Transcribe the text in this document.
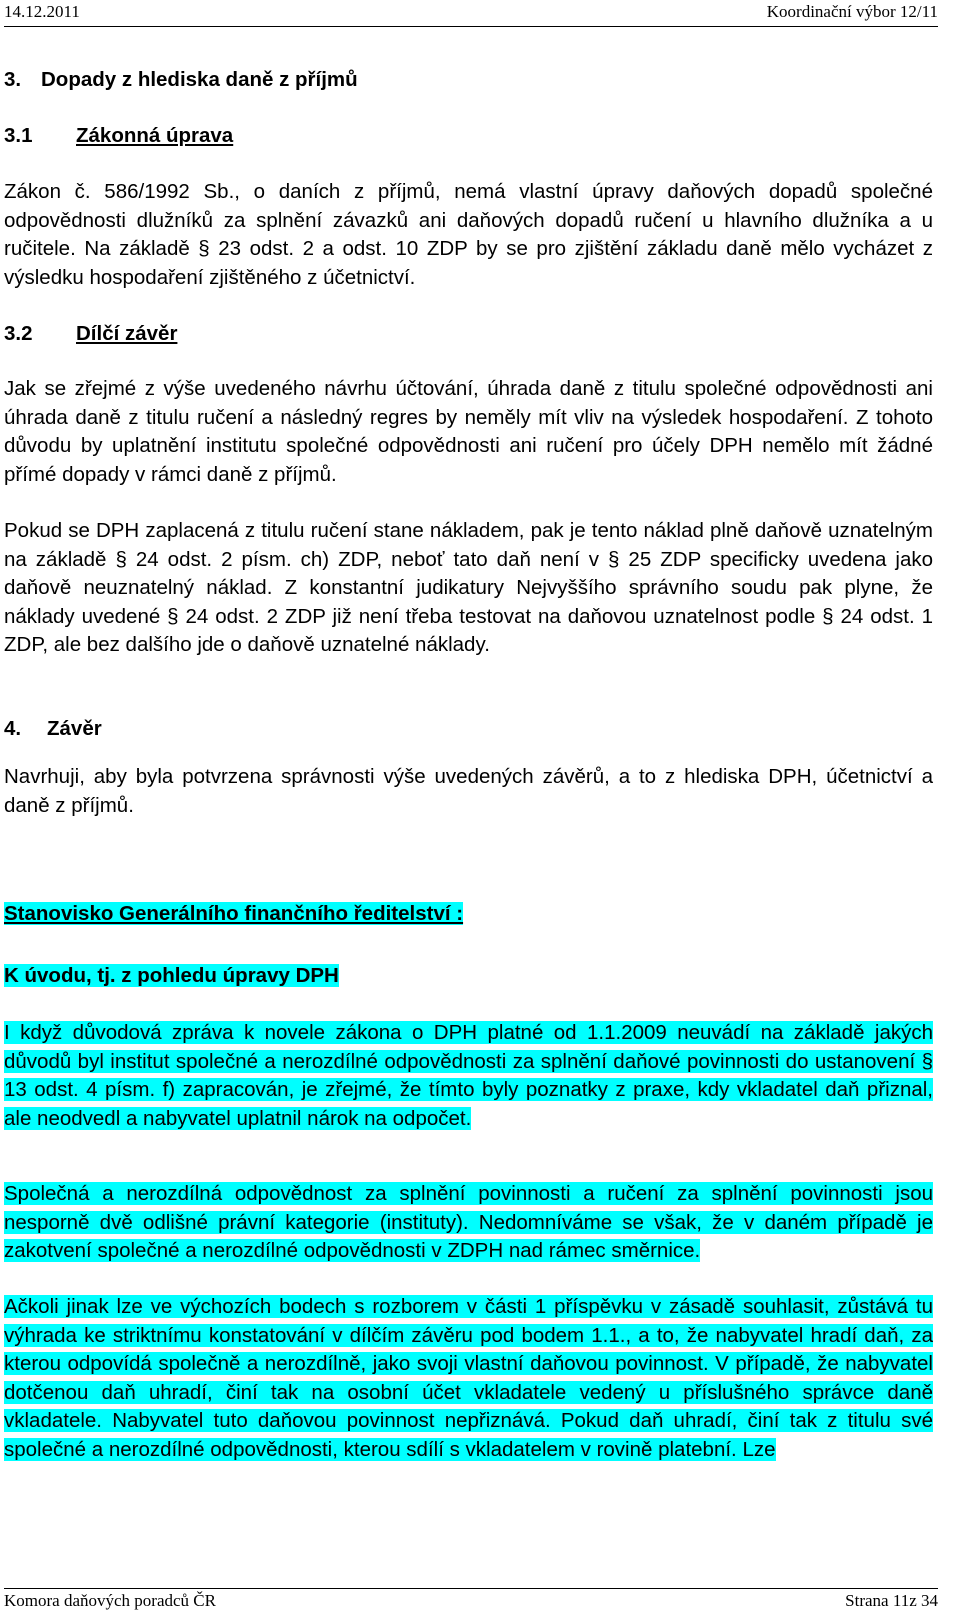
14.12.2011	Koordinační výbor 12/11
3. Dopady z hlediska daně z příjmů
3.1 Zákonná úprava

Zákon č. 586/1992 Sb., o daních z příjmů, nemá vlastní úpravy daňových dopadů společné odpovědnosti dlužníků za splnění závazků ani daňových dopadů ručení u hlavního dlužníka a u ručitele. Na základě § 23 odst. 2 a odst. 10 ZDP by se pro zjištění základu daně mělo vycházet z výsledku hospodaření zjištěného z účetnictví.

3.2 Dílčí závěr

Jak se zřejmé z výše uvedeného návrhu účtování, úhrada daně z titulu společné odpovědnosti ani úhrada daně z titulu ručení a následný regres by neměly mít vliv na výsledek hospodaření. Z tohoto důvodu by uplatnění institutu společné odpovědnosti ani ručení pro účely DPH nemělo mít žádné přímé dopady v rámci daně z příjmů.

Pokud se DPH zaplacená z titulu ručení stane nákladem, pak je tento náklad plně daňově uznatelným na základě § 24 odst. 2 písm. ch) ZDP, neboť tato daň není v § 25 ZDP specificky uvedena jako daňově neuznatelný náklad. Z konstantní judikatury Nejvyššího správního soudu pak plyne, že náklady uvedené § 24 odst. 2 ZDP již není třeba testovat na daňovou uznatelnost podle § 24 odst. 1 ZDP, ale bez dalšího jde o daňově uznatelné náklady.

4. Závěr

Navrhuji, aby byla potvrzena správnosti výše uvedených závěrů, a to z hlediska DPH, účetnictví a daně z příjmů.

Stanovisko Generálního finančního ředitelství :
K úvodu, tj. z pohledu úpravy DPH

I když důvodová zpráva k novele zákona o DPH platné od 1.1.2009 neuvádí na základě jakých důvodů byl institut společné a nerozdílné odpovědnosti za splnění daňové povinnosti do ustanovení § 13 odst. 4 písm. f) zapracován, je zřejmé, že tímto byly poznatky z praxe, kdy vkladatel daň přiznal, ale neodvedl a nabyvatel uplatnil nárok na odpočet.

Společná a nerozdílná odpovědnost za splnění povinnosti a ručení za splnění povinnosti jsou nesporně dvě odlišné právní kategorie (instituty). Nedomníváme se však, že v daném případě je zakotvení společné a nerozdílné odpovědnosti v ZDPH nad rámec směrnice.

Ačkoli jinak lze ve výchozích bodech s rozborem v části 1 příspěvku v zásadě souhlasit, zůstává tu výhrada ke striktnímu konstatování v dílčím závěru pod bodem 1.1., a to, že nabyvatel hradí daň, za kterou odpovídá společně a nerozdílně, jako svoji vlastní daňovou povinnost. V případě, že nabyvatel dotčenou daň uhradí, činí tak na osobní účet vkladatele vedený u příslušného správce daně vkladatele. Nabyvatel tuto daňovou povinnost nepřiznává. Pokud daň uhradí, činí tak z titulu své společné a nerozdílné odpovědnosti, kterou sdílí s vkladatelem v rovině platební. Lze

Komora daňových poradců ČR	Strana 11z 34
